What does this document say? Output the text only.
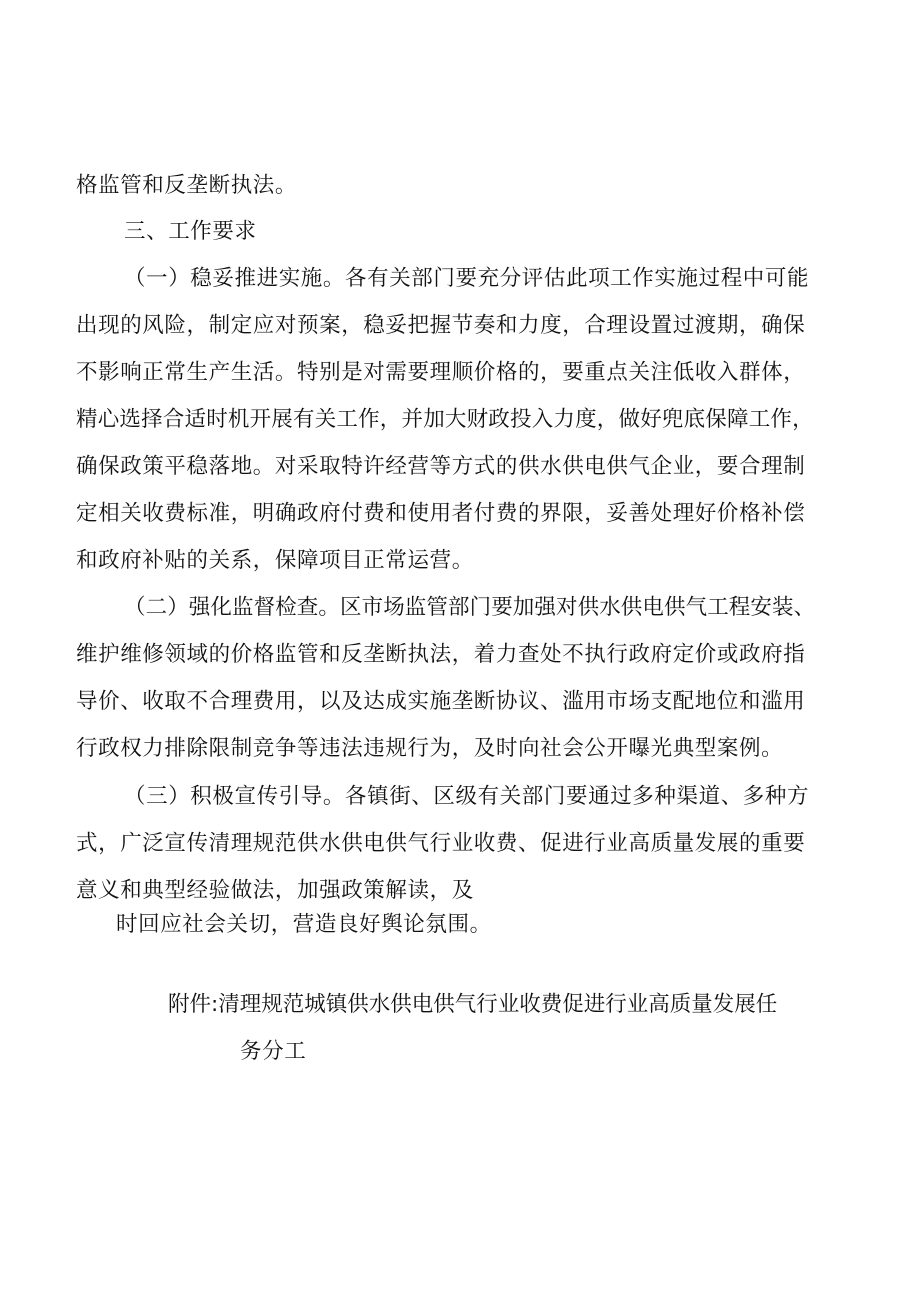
格监管和反垄断执法。
三、工作要求
（一）稳妥推进实施。各有关部门要充分评估此项工作实施过程中可能
出现的风险，制定应对预案，稳妥把握节奏和力度，合理设置过渡期，确保
不影响正常生产生活。特别是对需要理顺价格的，要重点关注低收入群体，
精心选择合适时机开展有关工作，并加大财政投入力度，做好兜底保障工作，
确保政策平稳落地。对采取特许经营等方式的供水供电供气企业，要合理制
定相关收费标准，明确政府付费和使用者付费的界限，妥善处理好价格补偿
和政府补贴的关系，保障项目正常运营。
（二）强化监督检查。区市场监管部门要加强对供水供电供气工程安装、
维护维修领域的价格监管和反垄断执法，着力查处不执行政府定价或政府指
导价、收取不合理费用，以及达成实施垄断协议、滥用市场支配地位和滥用
行政权力排除限制竞争等违法违规行为，及时向社会公开曝光典型案例。
（三）积极宣传引导。各镇街、区级有关部门要通过多种渠道、多种方
式，广泛宣传清理规范供水供电供气行业收费、促进行业高质量发展的重要
意义和典型经验做法，加强政策解读，及
时回应社会关切，营造良好舆论氛围。
附件:清理规范城镇供水供电供气行业收费促进行业高质量发展任
务分工
